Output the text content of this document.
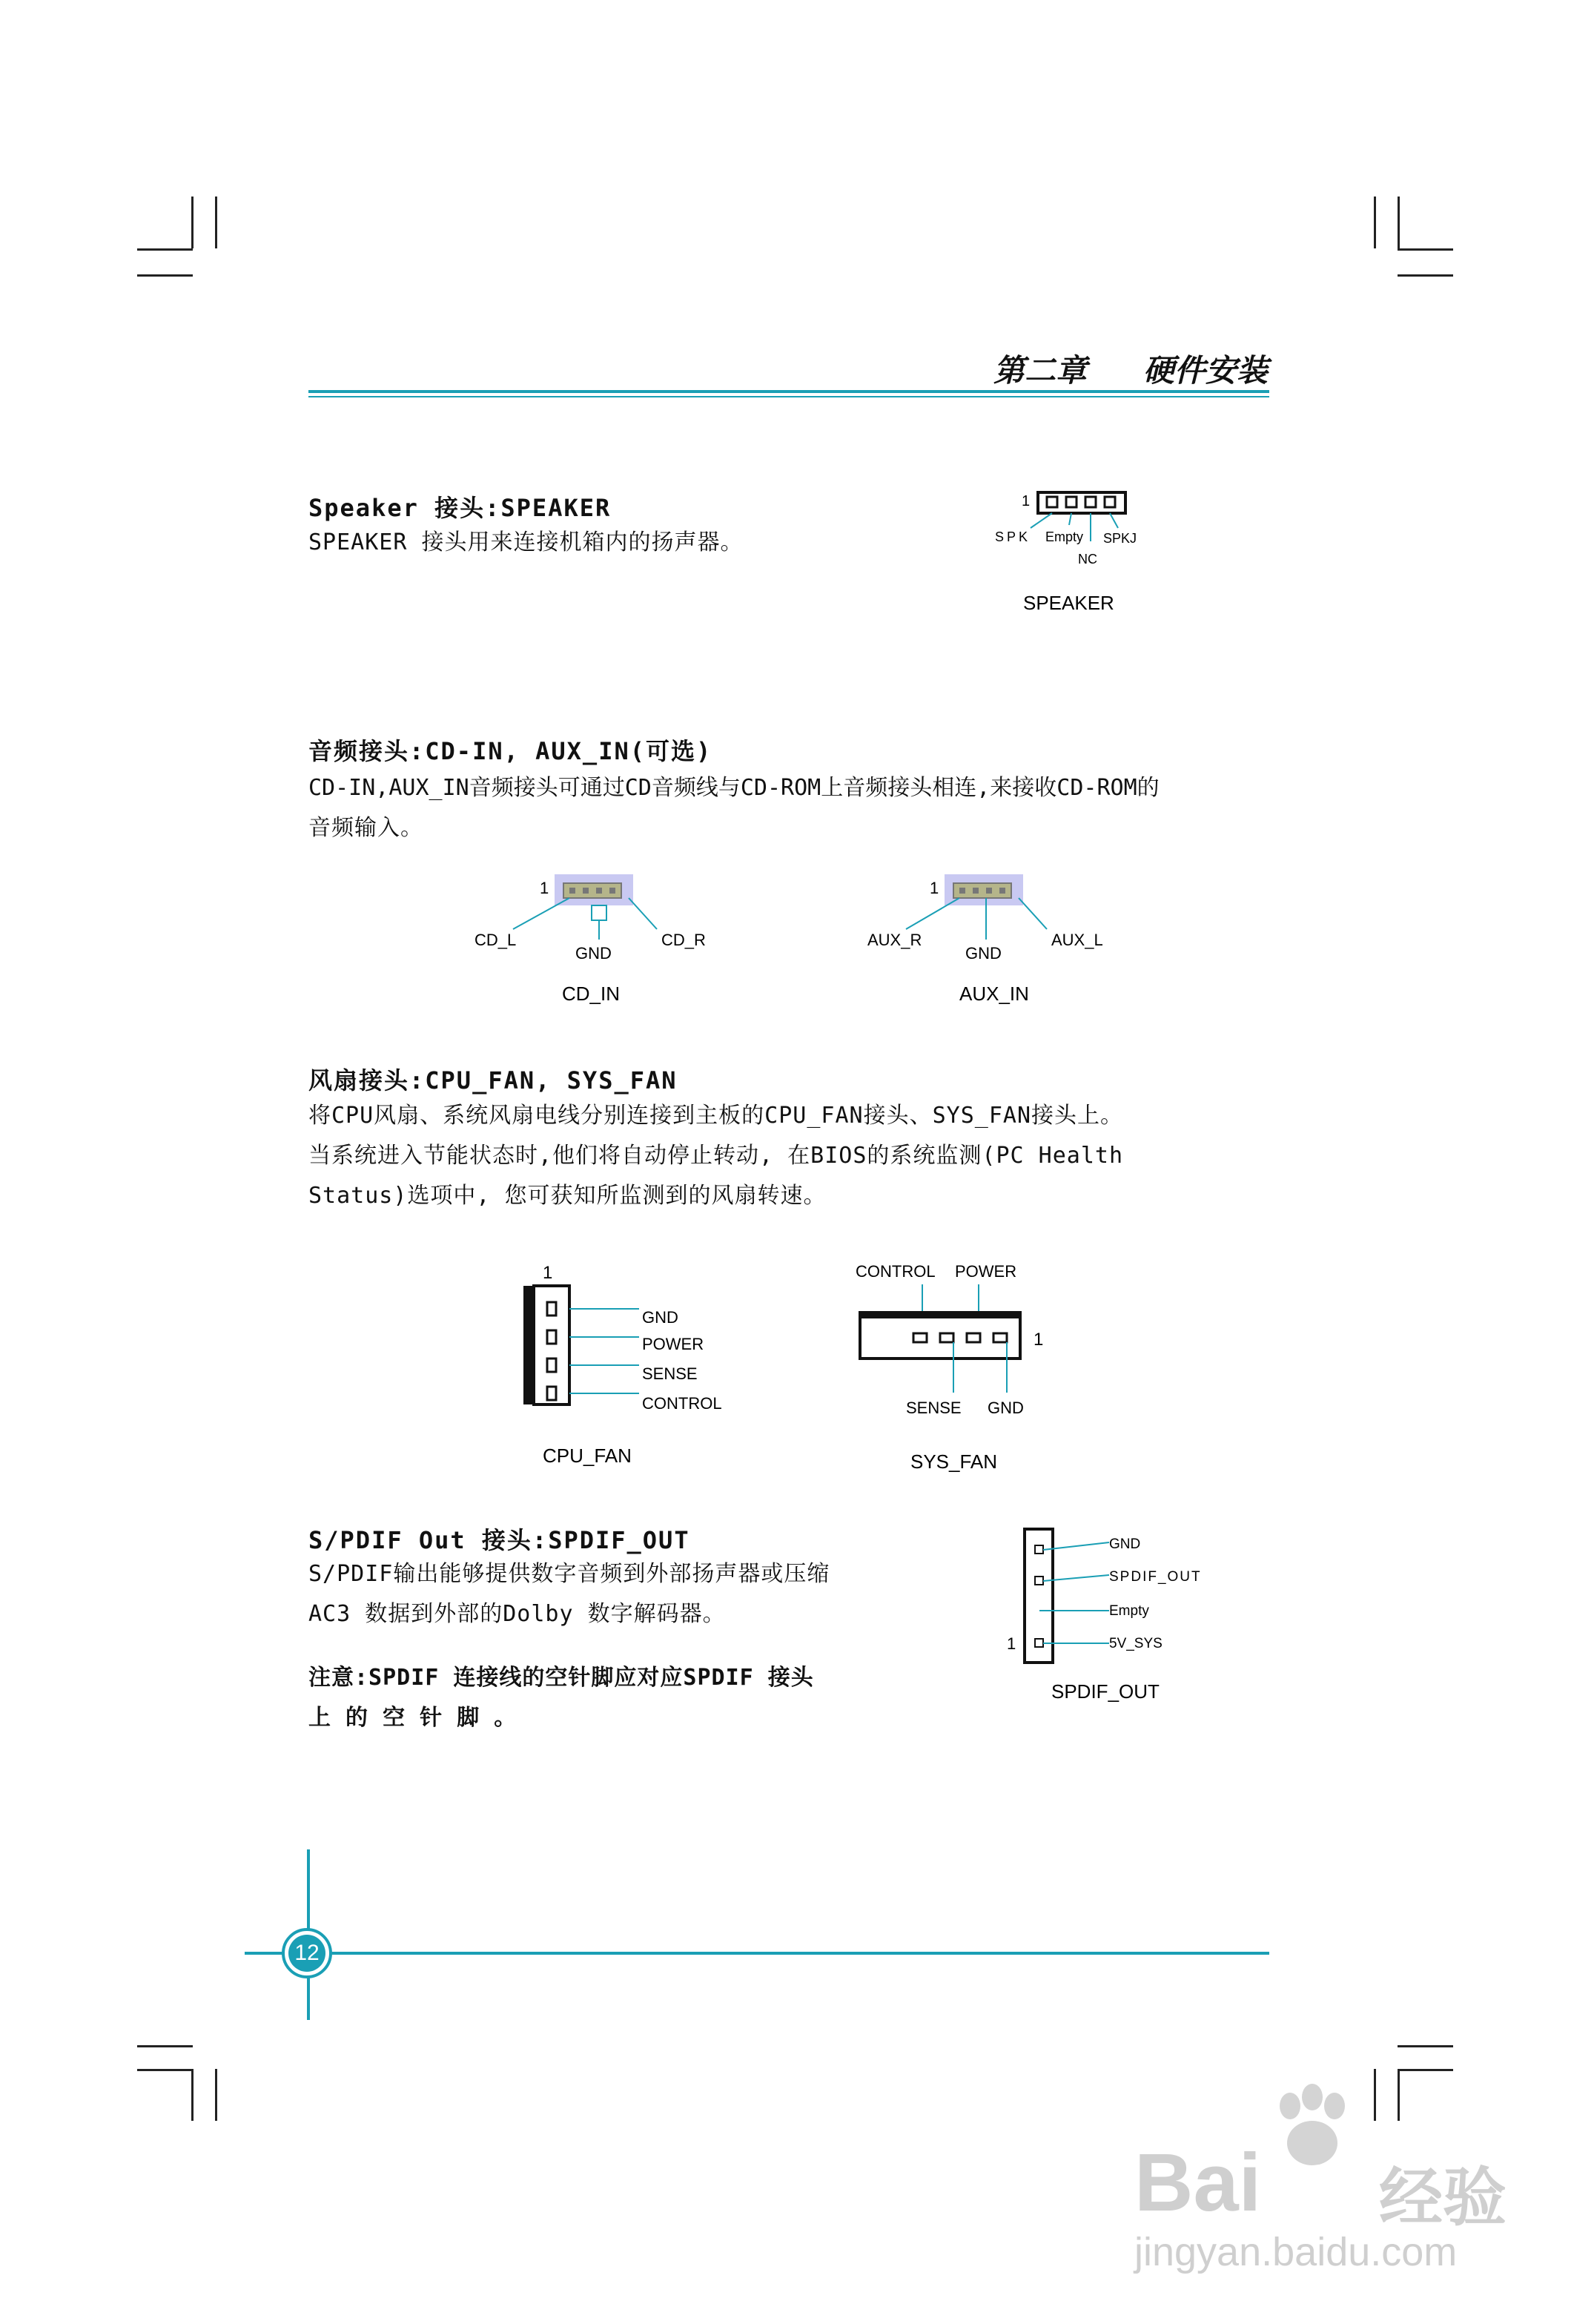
第二章 硬件安装
Speaker 接头:SPEAKER
SPEAKER 接头用来连接机箱内的扬声器。
1
SPK Empty SPKJ
NC
SPEAKER
音频接头:CD-IN, AUX_IN(可选)
CD-IN,AUX_IN音频接头可通过CD音频线与CD-ROM上音频接头相连,来接收CD-ROM的
音频输入。
1
CD_L
GND
CD_R
CD_IN
1
AUX_R
GND
AUX_L
AUX_IN
风扇接头:CPU_FAN, SYS_FAN
将CPU风扇、系统风扇电线分别连接到主板的CPU_FAN接头、SYS_FAN接头上。
当系统进入节能状态时,他们将自动停止转动, 在BIOS的系统监测(PC Health
Status)选项中, 您可获知所监测到的风扇转速。
1
GND
POWER
SENSE
CONTROL
CPU_FAN
CONTROL POWER
1
SENSE GND
SYS_FAN
S/PDIF Out 接头:SPDIF_OUT
S/PDIF输出能够提供数字音频到外部扬声器或压缩
AC3 数据到外部的Dolby 数字解码器。
注意:SPDIF 连接线的空针脚应对应SPDIF 接头
上 的 空 针 脚 。
GND
SPDIF_OUT
Empty
1	5V_SYS
SPDIF_OUT
12
Bai 经验
jingyan.baidu.com
